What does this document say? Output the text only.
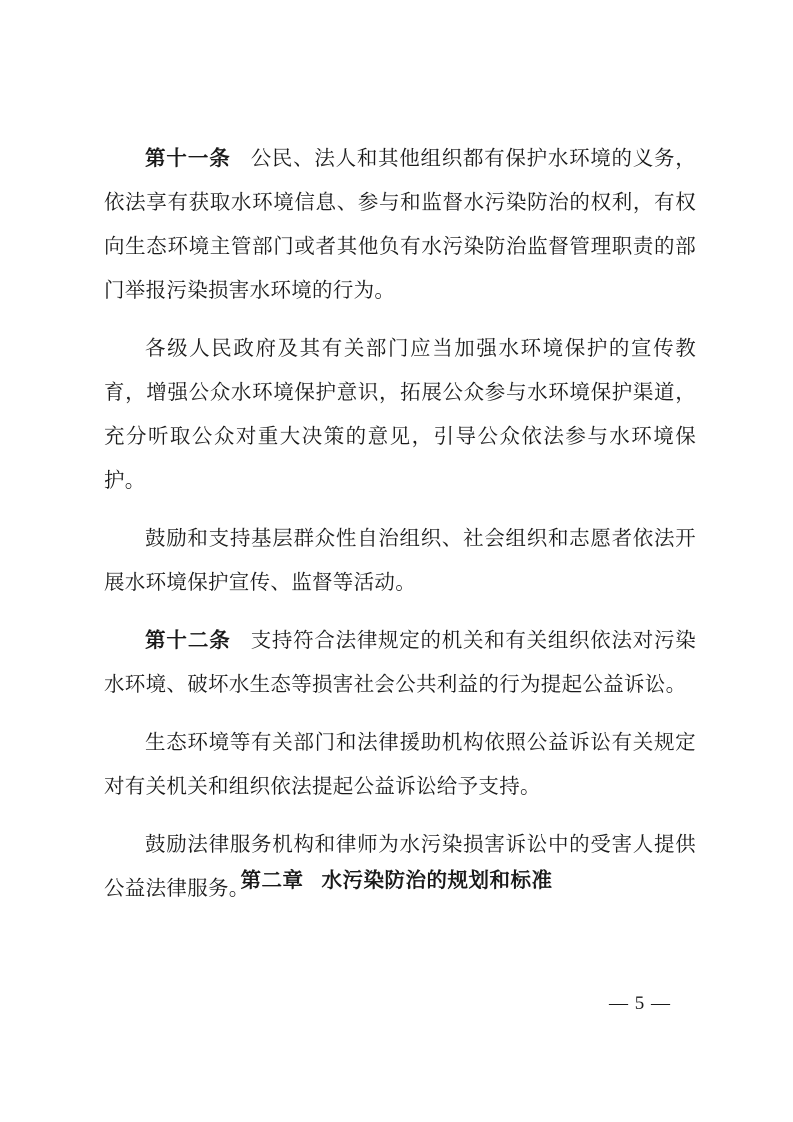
第十一条 公民、法人和其他组织都有保护水环境的义务，依法享有获取水环境信息、参与和监督水污染防治的权利，有权向生态环境主管部门或者其他负有水污染防治监督管理职责的部门举报污染损害水环境的行为。

各级人民政府及其有关部门应当加强水环境保护的宣传教育，增强公众水环境保护意识，拓展公众参与水环境保护渠道，充分听取公众对重大决策的意见，引导公众依法参与水环境保护。

鼓励和支持基层群众性自治组织、社会组织和志愿者依法开展水环境保护宣传、监督等活动。

第十二条 支持符合法律规定的机关和有关组织依法对污染水环境、破坏水生态等损害社会公共利益的行为提起公益诉讼。

生态环境等有关部门和法律援助机构依照公益诉讼有关规定对有关机关和组织依法提起公益诉讼给予支持。

鼓励法律服务机构和律师为水污染损害诉讼中的受害人提供公益法律服务。

第二章 水污染防治的规划和标准
— 5 —
